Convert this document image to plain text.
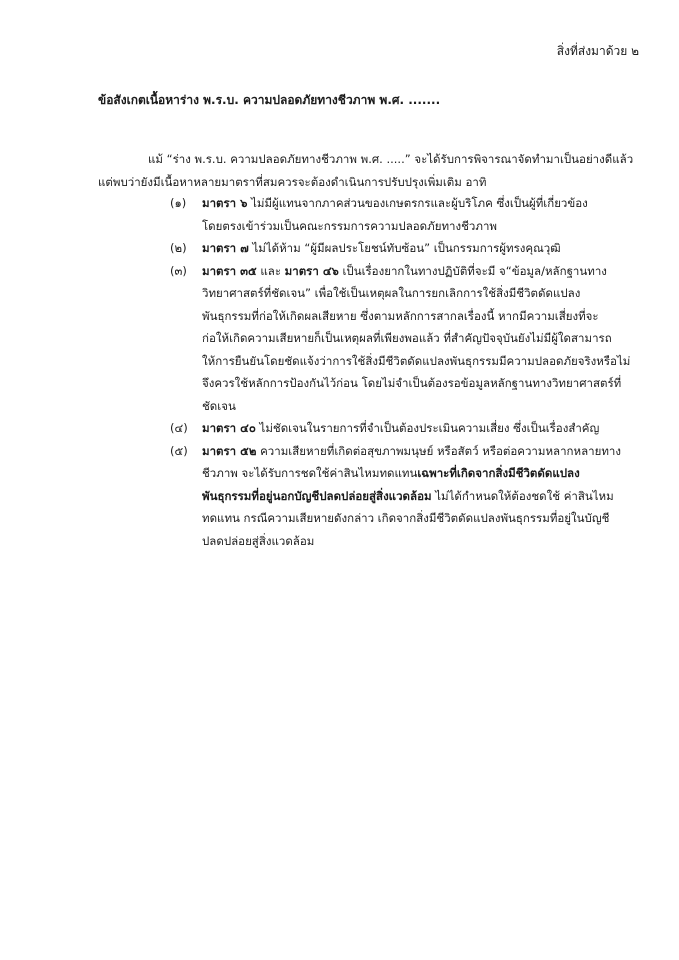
สิ่งที่ส่งมาด้วย ๒
ข้อสังเกตเนื้อหาร่าง พ.ร.บ. ความปลอดภัยทางชีวภาพ พ.ศ. .......
แม้ “ร่าง พ.ร.บ. ความปลอดภัยทางชีวภาพ พ.ศ. .....” จะได้รับการพิจารณาจัดทำมาเป็นอย่างดีแล้ว
แต่พบว่ายังมีเนื้อหาหลายมาตราที่สมควรจะต้องดำเนินการปรับปรุงเพิ่มเติม อาทิ
(๑) มาตรา ๖ ไม่มีผู้แทนจากภาคส่วนของเกษตรกรและผู้บริโภค ซึ่งเป็นผู้ที่เกี่ยวข้อง
โดยตรงเข้าร่วมเป็นคณะกรรมการความปลอดภัยทางชีวภาพ
(๒) มาตรา ๗ ไม่ได้ห้าม “ผู้มีผลประโยชน์ทับซ้อน” เป็นกรรมการผู้ทรงคุณวุฒิ
(๓) มาตรา ๓๕ และ มาตรา ๔๖ เป็นเรื่องยากในทางปฏิบัติที่จะมี จ“ข้อมูล/หลักฐานทาง
วิทยาศาสตร์ที่ชัดเจน” เพื่อใช้เป็นเหตุผลในการยกเลิกการใช้สิ่งมีชีวิตดัดแปลง
พันธุกรรมที่ก่อให้เกิดผลเสียหาย ซึ่งตามหลักการสากลเรื่องนี้ หากมีความเสี่ยงที่จะ
ก่อให้เกิดความเสียหายก็เป็นเหตุผลที่เพียงพอแล้ว ที่สำคัญปัจจุบันยังไม่มีผู้ใดสามารถ
ให้การยืนยันโดยชัดแจ้งว่าการใช้สิ่งมีชีวิตดัดแปลงพันธุกรรมมีความปลอดภัยจริงหรือไม่
จึงควรใช้หลักการป้องกันไว้ก่อน โดยไม่จำเป็นต้องรอข้อมูลหลักฐานทางวิทยาศาสตร์ที่
ชัดเจน
(๔) มาตรา ๔๐ ไม่ชัดเจนในรายการที่จำเป็นต้องประเมินความเสี่ยง ซึ่งเป็นเรื่องสำคัญ
(๕) มาตรา ๕๒ ความเสียหายที่เกิดต่อสุขภาพมนุษย์ หรือสัตว์ หรือต่อความหลากหลายทาง
ชีวภาพ จะได้รับการชดใช้ค่าสินไหมทดแทนเฉพาะที่เกิดจากสิ่งมีชีวิตดัดแปลง
พันธุกรรมที่อยู่นอกบัญชีปลดปล่อยสู่สิ่งแวดล้อม ไม่ได้กำหนดให้ต้องชดใช้ ค่าสินไหม
ทดแทน กรณีความเสียหายดังกล่าว เกิดจากสิ่งมีชีวิตดัดแปลงพันธุกรรมที่อยู่ในบัญชี
ปลดปล่อยสู่สิ่งแวดล้อม
